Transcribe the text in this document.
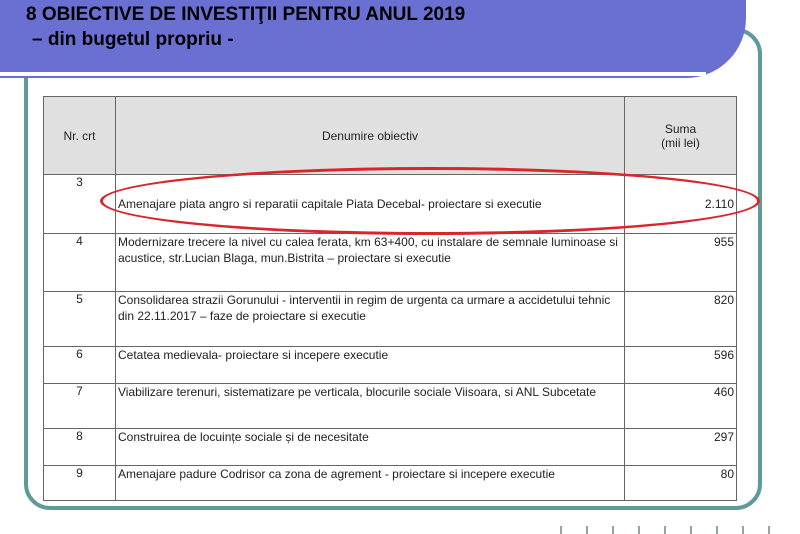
8 OBIECTIVE DE INVESTIŢII PENTRU ANUL 2019
– din bugetul propriu -
Nr. crt	Denumire obiectiv	Suma
(mii lei)

3	Amenajare piata angro si reparatii capitale Piata Decebal- proiectare si executie	2.110
4	Modernizare trecere la nivel cu calea ferata, km 63+400, cu instalare de semnale luminoase si acustice, str.Lucian Blaga, mun.Bistrita – proiectare si executie	955
5	Consolidarea strazii Gorunului - interventii in regim de urgenta ca urmare a accidetului tehnic din 22.11.2017 – faze de proiectare si executie	820
6	Cetatea medievala- proiectare si incepere executie	596
7	Viabilizare terenuri, sistematizare pe verticala, blocurile sociale Viisoara, si ANL Subcetate	460
8	Construirea de locuințe sociale și de necesitate	297
9	Amenajare padure Codrisor ca zona de agrement - proiectare si incepere executie	80
